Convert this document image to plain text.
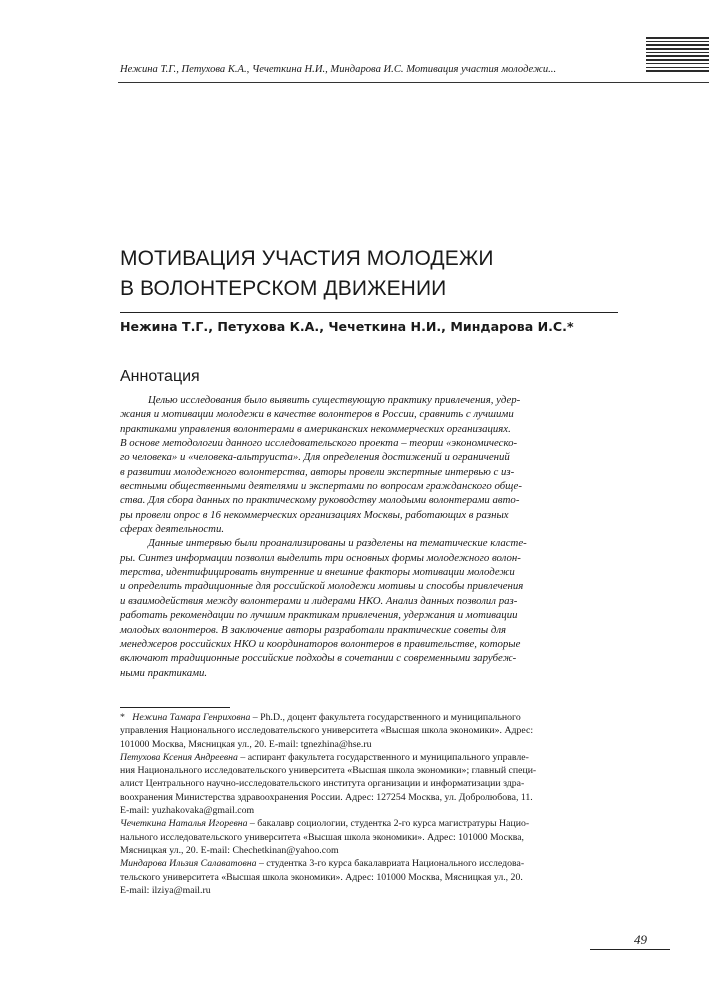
Нежина Т.Г., Петухова К.А., Чечеткина Н.И., Миндарова И.С. Мотивация участия молодежи...
МОТИВАЦИЯ УЧАСТИЯ МОЛОДЕЖИ
В ВОЛОНТЕРСКОМ ДВИЖЕНИИ
Нежина Т.Г., Петухова К.А., Чечеткина Н.И., Миндарова И.С.*
Аннотация
Целью исследования было выявить существующую практику привлечения, удер-
жания и мотивации молодежи в качестве волонтеров в России, сравнить с лучшими
практиками управления волонтерами в американских некоммерческих организациях.
В основе методологии данного исследовательского проекта – теории «экономическо-
го человека» и «человека-альтруиста». Для определения достижений и ограничений
в развитии молодежного волонтерства, авторы провели экспертные интервью с из-
вестными общественными деятелями и экспертами по вопросам гражданского обще-
ства. Для сбора данных по практическому руководству молодыми волонтерами авто-
ры провели опрос в 16 некоммерческих организациях Москвы, работающих в разных
сферах деятельности.
Данные интервью были проанализированы и разделены на тематические класте-
ры. Синтез информации позволил выделить три основных формы молодежного волон-
терства, идентифицировать внутренние и внешние факторы мотивации молодежи
и определить традиционные для российской молодежи мотивы и способы привлечения
и взаимодействия между волонтерами и лидерами НКО. Анализ данных позволил раз-
работать рекомендации по лучшим практикам привлечения, удержания и мотивации
молодых волонтеров. В заключение авторы разработали практические советы для
менеджеров российских НКО и координаторов волонтеров в правительстве, которые
включают традиционные российские подходы в сочетании с современными зарубеж-
ными практиками.
* Нежина Тамара Генриховна – Ph.D., доцент факультета государственного и муниципального
управления Национального исследовательского университета «Высшая школа экономики». Адрес:
101000 Москва, Мясницкая ул., 20. E-mail: tgnezhina@hse.ru
Петухова Ксения Андреевна – аспирант факультета государственного и муниципального управле-
ния Национального исследовательского университета «Высшая школа экономики»; главный специ-
алист Центрального научно-исследовательского института организации и информатизации здра-
воохранения Министерства здравоохранения России. Адрес: 127254 Москва, ул. Добролюбова, 11.
E-mail: yuzhakovaka@gmail.com
Чечеткина Наталья Игоревна – бакалавр социологии, студентка 2-го курса магистратуры Нацио-
нального исследовательского университета «Высшая школа экономики». Адрес: 101000 Москва,
Мясницкая ул., 20. E-mail: Chechetkinan@yahoo.com
Миндарова Ильзия Салаватовна – студентка 3-го курса бакалавриата Национального исследова-
тельского университета «Высшая школа экономики». Адрес: 101000 Москва, Мясницкая ул., 20.
E-mail: ilziya@mail.ru
49
